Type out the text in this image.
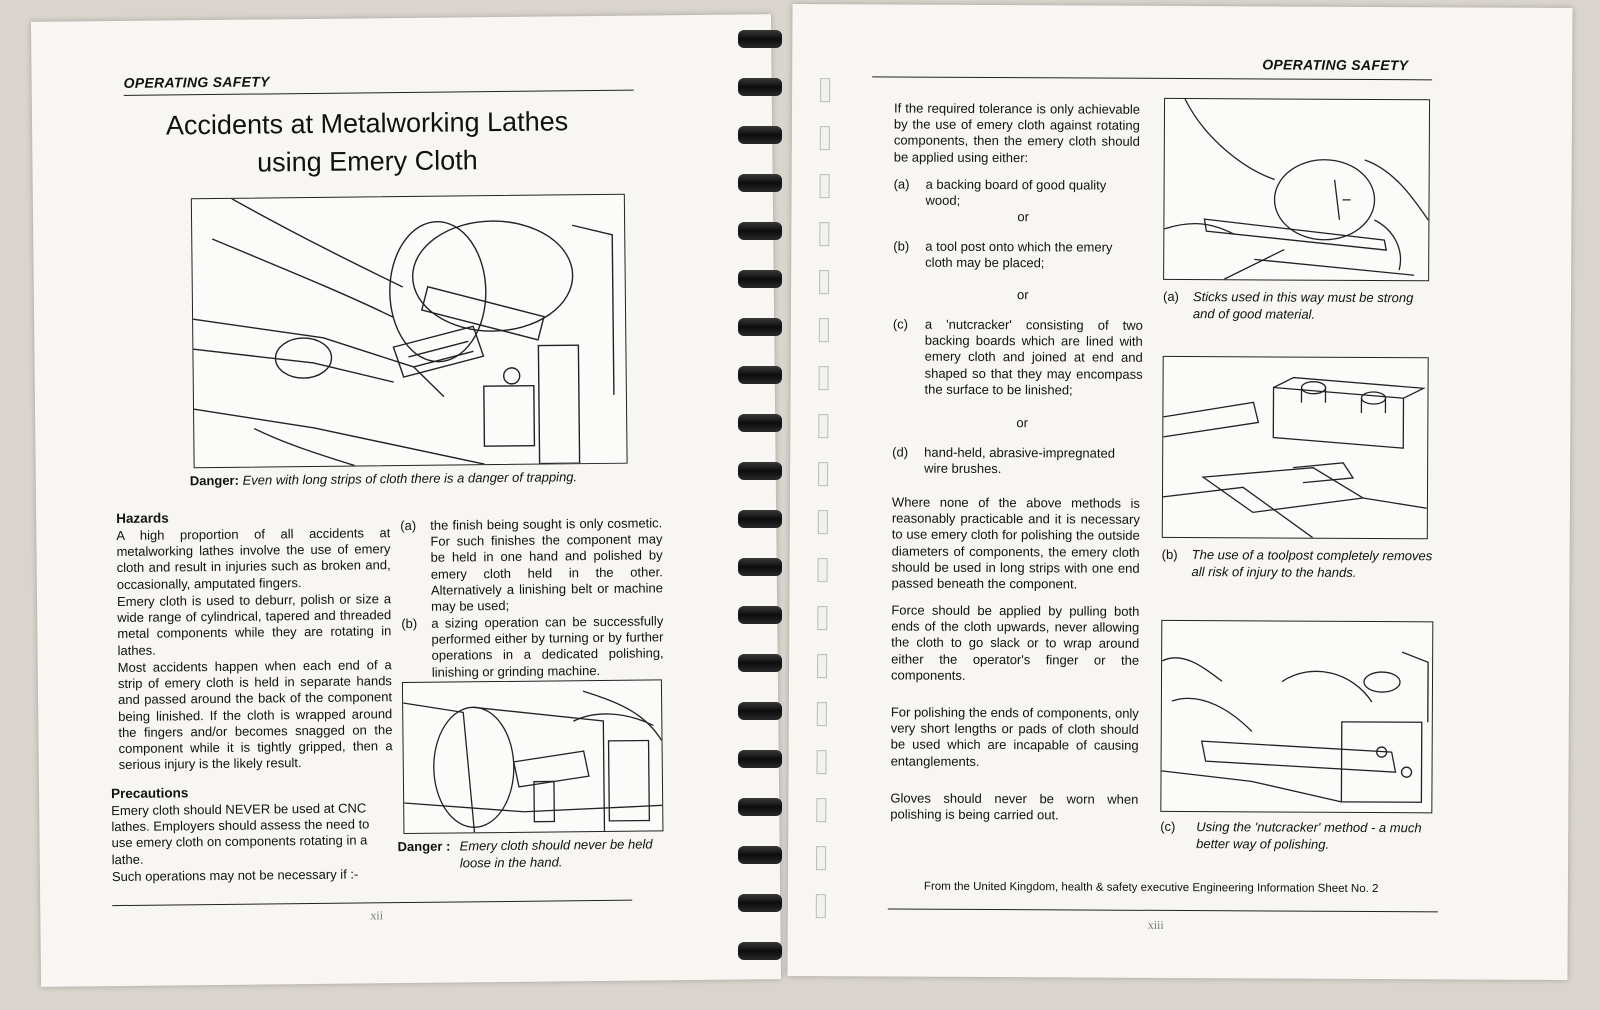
OPERATING SAFETY
Accidents at Metalworking Lathes
using Emery Cloth
Danger: Even with long strips of cloth there is a danger of trapping.
Hazards
A high proportion of all accidents at metalworking lathes involve the use of emery cloth and result in injuries such as broken and, occasionally, amputated fingers.
Emery cloth is used to deburr, polish or size a wide range of cylindrical, tapered and threaded metal components while they are rotating in lathes.
Most accidents happen when each end of a strip of emery cloth is held in separate hands and passed around the back of the component being linished. If the cloth is wrapped around the fingers and/or becomes snagged on the component while it is tightly gripped, then a serious injury is the likely result.
Precautions
Emery cloth should NEVER be used at CNC lathes. Employers should assess the need to use emery cloth on components rotating in a lathe.
Such operations may not be necessary if :-
(a) the finish being sought is only cosmetic. For such finishes the component may be held in one hand and polished by emery cloth held in the other. Alternatively a linishing belt or machine may be used;
(b) a sizing operation can be successfully performed either by turning or by further operations in a dedicated polishing, linishing or grinding machine.
Danger : Emery cloth should never be held loose in the hand.
xii
OPERATING SAFETY
If the required tolerance is only achievable by the use of emery cloth against rotating components, then the emery cloth should be applied using either:
(a) a backing board of good quality wood;
or
(b) a tool post onto which the emery cloth may be placed;
or
(c) a 'nutcracker' consisting of two backing boards which are lined with emery cloth and joined at end and shaped so that they may encompass the surface to be linished;
or
(d) hand-held, abrasive-impregnated wire brushes.
Where none of the above methods is reasonably practicable and it is necessary to use emery cloth for polishing the outside diameters of components, the emery cloth should be used in long strips with one end passed beneath the component.
Force should be applied by pulling both ends of the cloth upwards, never allowing the cloth to go slack or to wrap around either the operator's finger or the components.
For polishing the ends of components, only very short lengths or pads of cloth should be used which are incapable of causing entanglements.
Gloves should never be worn when polishing is being carried out.
(a)	Sticks used in this way must be strong and of good material.
(b)	The use of a toolpost completely removes all risk of injury to the hands.
(c)	Using the 'nutcracker' method - a much better way of polishing.
From the United Kingdom, health & safety executive Engineering Information Sheet No. 2
xiii
